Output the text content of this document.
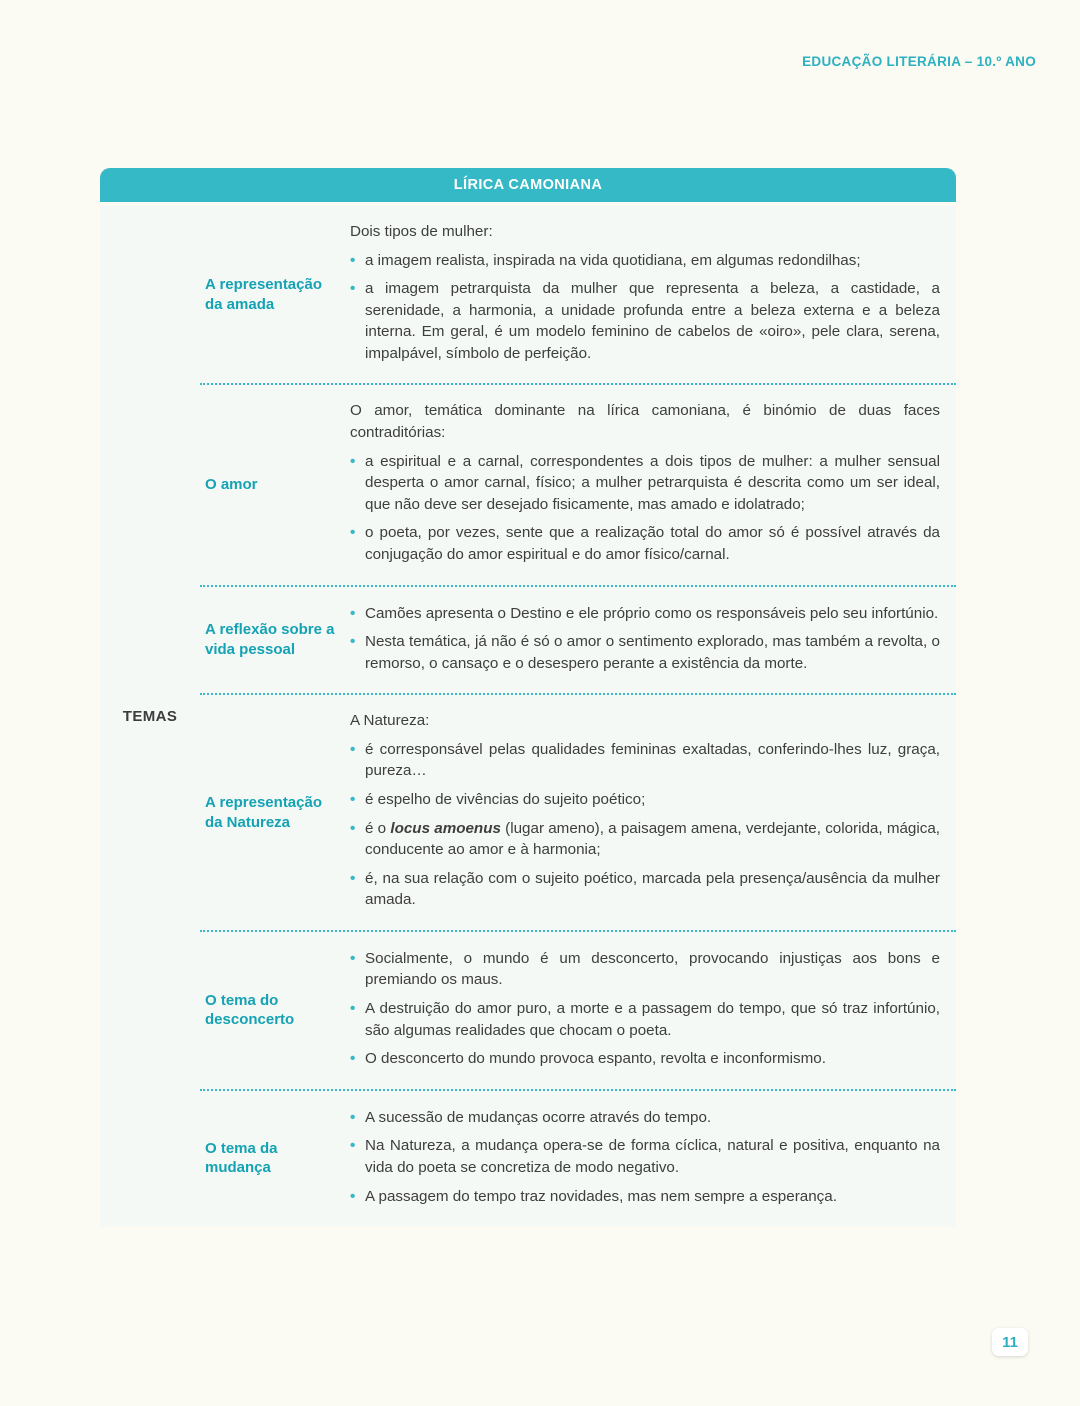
EDUCAÇÃO LITERÁRIA – 10.º ANO
LÍRICA CAMONIANA
TEMAS
A representação da amada

Dois tipos de mulher:

• a imagem realista, inspirada na vida quotidiana, em algumas redondilhas;
• a imagem petrarquista da mulher que representa a beleza, a castidade, a serenidade, a harmonia, a unidade profunda entre a beleza externa e a beleza interna. Em geral, é um modelo feminino de cabelos de «oiro», pele clara, serena, impalpável, símbolo de perfeição.
O amor

O amor, temática dominante na lírica camoniana, é binómio de duas faces contraditórias:

• a espiritual e a carnal, correspondentes a dois tipos de mulher: a mulher sensual desperta o amor carnal, físico; a mulher petrarquista é descrita como um ser ideal, que não deve ser desejado fisicamente, mas amado e idolatrado;
• o poeta, por vezes, sente que a realização total do amor só é possível através da conjugação do amor espiritual e do amor físico/carnal.
A reflexão sobre a vida pessoal
• Camões apresenta o Destino e ele próprio como os responsáveis pelo seu infortúnio.
• Nesta temática, já não é só o amor o sentimento explorado, mas também a revolta, o remorso, o cansaço e o desespero perante a existência da morte.
A representação da Natureza

A Natureza:

• é corresponsável pelas qualidades femininas exaltadas, conferindo-lhes luz, graça, pureza…
• é espelho de vivências do sujeito poético;
• é o locus amoenus (lugar ameno), a paisagem amena, verdejante, colorida, mágica, conducente ao amor e à harmonia;
• é, na sua relação com o sujeito poético, marcada pela presença/ausência da mulher amada.
O tema do desconcerto
• Socialmente, o mundo é um desconcerto, provocando injustiças aos bons e premiando os maus.
• A destruição do amor puro, a morte e a passagem do tempo, que só traz infortúnio, são algumas realidades que chocam o poeta.
• O desconcerto do mundo provoca espanto, revolta e inconformismo.
O tema da mudança
• A sucessão de mudanças ocorre através do tempo.
• Na Natureza, a mudança opera-se de forma cíclica, natural e positiva, enquanto na vida do poeta se concretiza de modo negativo.
• A passagem do tempo traz novidades, mas nem sempre a esperança.
11
